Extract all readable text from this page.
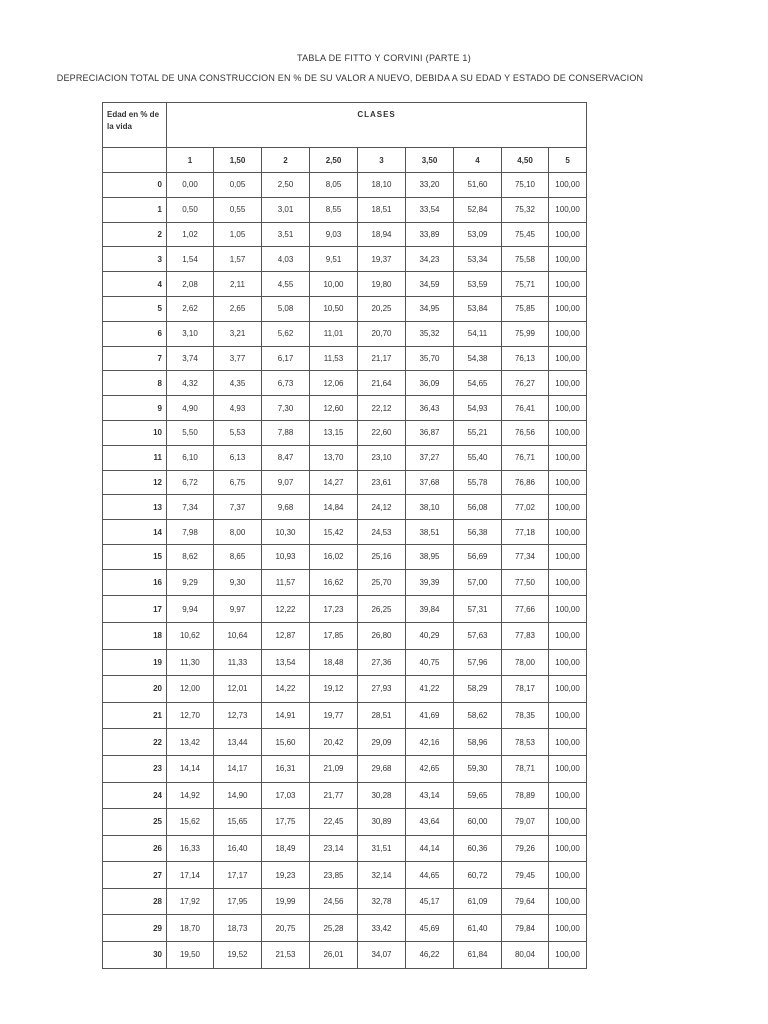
TABLA DE FITTO Y CORVINI (PARTE 1)
DEPRECIACION TOTAL DE UNA CONSTRUCCION EN % DE SU VALOR A NUEVO, DEBIDA A SU EDAD Y ESTADO DE CONSERVACION
Edad en % de la vida	CLASES								
	1	1,50	2	2,50	3	3,50	4	4,50	5
0	0,00	0,05	2,50	8,05	18,10	33,20	51,60	75,10	100,00
1	0,50	0,55	3,01	8,55	18,51	33,54	52,84	75,32	100,00
2	1,02	1,05	3,51	9,03	18,94	33,89	53,09	75,45	100,00
3	1,54	1,57	4,03	9,51	19,37	34,23	53,34	75,58	100,00
4	2,08	2,11	4,55	10,00	19,80	34,59	53,59	75,71	100,00
5	2,62	2,65	5,08	10,50	20,25	34,95	53,84	75,85	100,00
6	3,10	3,21	5,62	11,01	20,70	35,32	54,11	75,99	100,00
7	3,74	3,77	6,17	11,53	21,17	35,70	54,38	76,13	100,00
8	4,32	4,35	6,73	12,06	21,64	36,09	54,65	76,27	100,00
9	4,90	4,93	7,30	12,60	22,12	36,43	54,93	76,41	100,00
10	5,50	5,53	7,88	13,15	22,60	36,87	55,21	76,56	100,00
11	6,10	6,13	8,47	13,70	23,10	37,27	55,40	76,71	100,00
12	6,72	6,75	9,07	14,27	23,61	37,68	55,78	76,86	100,00
13	7,34	7,37	9,68	14,84	24,12	38,10	56,08	77,02	100,00
14	7,98	8,00	10,30	15,42	24,53	38,51	56,38	77,18	100,00
15	8,62	8,65	10,93	16,02	25,16	38,95	56,69	77,34	100,00
16	9,29	9,30	11,57	16,62	25,70	39,39	57,00	77,50	100,00
17	9,94	9,97	12,22	17,23	26,25	39,84	57,31	77,66	100,00
18	10,62	10,64	12,87	17,85	26,80	40,29	57,63	77,83	100,00
19	11,30	11,33	13,54	18,48	27,36	40,75	57,96	78,00	100,00
20	12,00	12,01	14,22	19,12	27,93	41,22	58,29	78,17	100,00
21	12,70	12,73	14,91	19,77	28,51	41,69	58,62	78,35	100,00
22	13,42	13,44	15,60	20,42	29,09	42,16	58,96	78,53	100,00
23	14,14	14,17	16,31	21,09	29,68	42,65	59,30	78,71	100,00
24	14,92	14,90	17,03	21,77	30,28	43,14	59,65	78,89	100,00
25	15,62	15,65	17,75	22,45	30,89	43,64	60,00	79,07	100,00
26	16,33	16,40	18,49	23,14	31,51	44,14	60,36	79,26	100,00
27	17,14	17,17	19,23	23,85	32,14	44,65	60,72	79,45	100,00
28	17,92	17,95	19,99	24,56	32,78	45,17	61,09	79,64	100,00
29	18,70	18,73	20,75	25,28	33,42	45,69	61,40	79,84	100,00
30	19,50	19,52	21,53	26,01	34,07	46,22	61,84	80,04	100,00
